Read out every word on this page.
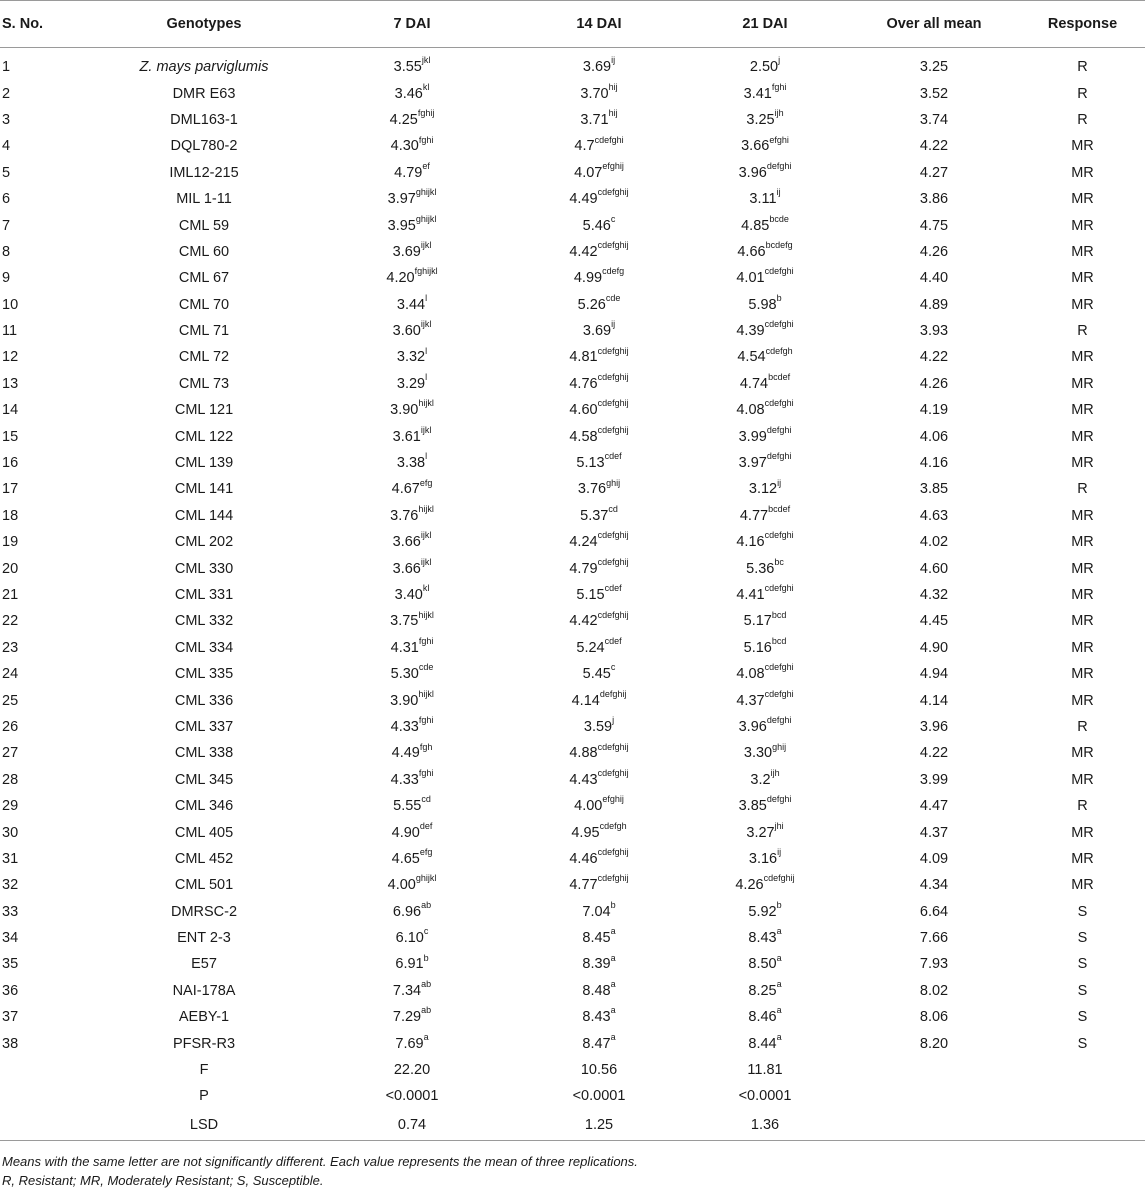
S. No.	Genotypes	7 DAI	14 DAI	21 DAI	Over all mean	Response
1	Z. mays parviglumis	$3.55^{jkl}$	$3.69^{ij}$	2.50$^j$	3.25	R
2	DMR E63	$3.46^{kl}$	$3.70^{hij}$	$3.41^{fghi}$	3.52	R
3	DML163-1	$4.25^{fghij}$	$3.71^{hij}$	$3.25^{ijh}$	3.74	R
4	DQL780-2	$4.30^{fghi}$	$4.7^{cdefghi}$	$3.66^{efghi}$	4.22	MR
5	IML12-215	4.79$^{ef}$	$4.07^{efghij}$	$3.96^{defghi}$	4.27	MR
6	MIL 1-11	$3.97^{ghijkl}$	$4.49^{cdefghij}$	$3.11^{ij}$	3.86	MR
7	CML 59	$3.95^{ghijkl}$	5.46$^c$	$4.85^{bcde}$	4.75	MR
8	CML 60	$3.69^{ijkl}$	$4.42^{cdefghij}$	$4.66^{bcdefg}$	4.26	MR
9	CML 67	$4.20^{fghijkl}$	$4.99^{cdefg}$	$4.01^{cdefghi}$	4.40	MR
10	CML 70	3.44$^l$	5.26$^{cde}$	5.98$^b$	4.89	MR
11	CML 71	$3.60^{ijkl}$	$3.69^{ij}$	$4.39^{cdefghi}$	3.93	R
12	CML 72	3.32$^l$	$4.81^{cdefghij}$	$4.54^{cdefgh}$	4.22	MR
13	CML 73	3.29$^l$	$4.76^{cdefghij}$	$4.74^{bcdef}$	4.26	MR
14	CML 121	$3.90^{hijkl}$	$4.60^{cdefghij}$	$4.08^{cdefghi}$	4.19	MR
15	CML 122	$3.61^{ijkl}$	$4.58^{cdefghij}$	$3.99^{defghi}$	4.06	MR
16	CML 139	3.38$^l$	$5.13^{cdef}$	$3.97^{defghi}$	4.16	MR
17	CML 141	4.67$^{efg}$	$3.76^{ghij}$	$3.12^{ij}$	3.85	R
18	CML 144	$3.76^{hijkl}$	5.37$^{cd}$	$4.77^{bcdef}$	4.63	MR
19	CML 202	$3.66^{ijkl}$	$4.24^{cdefghij}$	$4.16^{cdefghi}$	4.02	MR
20	CML 330	$3.66^{ijkl}$	$4.79^{cdefghij}$	5.36$^{bc}$	4.60	MR
21	CML 331	$3.40^{kl}$	$5.15^{cdef}$	$4.41^{cdefghi}$	4.32	MR
22	CML 332	$3.75^{hijkl}$	$4.42^{cdefghij}$	5.17$^{bcd}$	4.45	MR
23	CML 334	$4.31^{fghi}$	$5.24^{cdef}$	5.16$^{bcd}$	4.90	MR
24	CML 335	5.30$^{cde}$	5.45$^c$	$4.08^{cdefghi}$	4.94	MR
25	CML 336	$3.90^{hijkl}$	$4.14^{defghij}$	$4.37^{cdefghi}$	4.14	MR
26	CML 337	$4.33^{fghi}$	3.59$^j$	$3.96^{defghi}$	3.96	R
27	CML 338	4.49$^{fgh}$	$4.88^{cdefghij}$	$3.30^{ghij}$	4.22	MR
28	CML 345	$4.33^{fghi}$	$4.43^{cdefghij}$	$3.2^{ijh}$	3.99	MR
29	CML 346	5.55$^{cd}$	$4.00^{efghij}$	$3.85^{defghi}$	4.47	R
30	CML 405	4.90$^{def}$	$4.95^{cdefgh}$	$3.27^{jhi}$	4.37	MR
31	CML 452	4.65$^{efg}$	$4.46^{cdefghij}$	$3.16^{ij}$	4.09	MR
32	CML 501	$4.00^{ghijkl}$	$4.77^{cdefghij}$	$4.26^{cdefghij}$	4.34	MR
33	DMRSC-2	6.96$^{ab}$	7.04$^b$	5.92$^b$	6.64	S
34	ENT 2-3	6.10$^c$	8.45$^a$	8.43$^a$	7.66	S
35	E57	6.91$^b$	8.39$^a$	8.50$^a$	7.93	S
36	NAI-178A	7.34$^{ab}$	8.48$^a$	8.25$^a$	8.02	S
37	AEBY-1	7.29$^{ab}$	8.43$^a$	8.46$^a$	8.06	S
38	PFSR-R3	7.69$^a$	8.47$^a$	8.44$^a$	8.20	S
	F	22.20	10.56	11.81		
	P	<0.0001	<0.0001	<0.0001		
	LSD	0.74	1.25	1.36		

Means with the same letter are not significantly different. Each value represents the mean of three replications.

R, Resistant; MR, Moderately Resistant; S, Susceptible.
